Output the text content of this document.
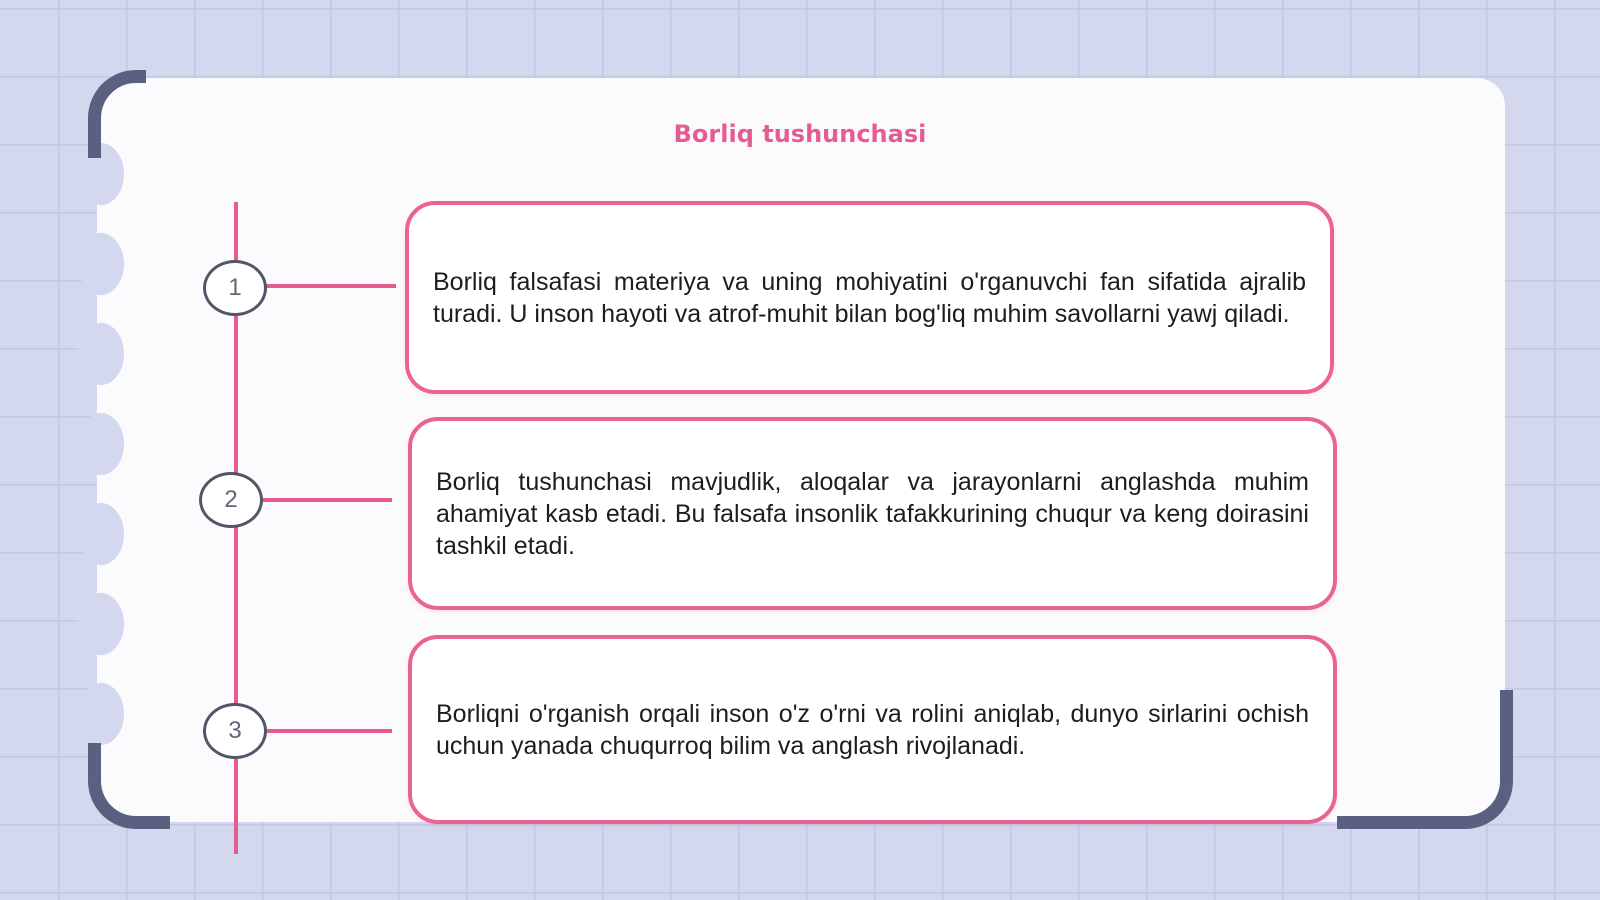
Borliq tushunchasi
1
2
3

Borliq falsafasi materiya va uning mohiyatini o'rganuvchi fan sifatida ajralib turadi. U inson hayoti va atrof-muhit bilan bog'liq muhim savollarni yawj qiladi.

Borliq tushunchasi mavjudlik, aloqalar va jarayonlarni anglashda muhim ahamiyat kasb etadi. Bu falsafa insonlik tafakkurining chuqur va keng doirasini tashkil etadi.

Borliqni o'rganish orqali inson o'z o'rni va rolini aniqlab, dunyo sirlarini ochish uchun yanada chuqurroq bilim va anglash rivojlanadi.
